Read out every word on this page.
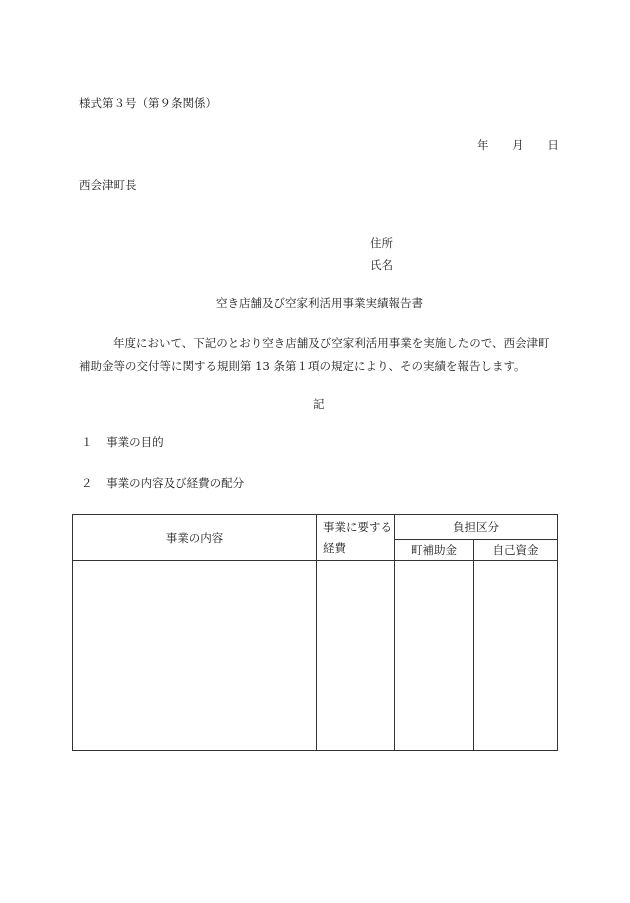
様式第３号（第９条関係）
年 月 日
西会津町長
住所
氏名
空き店舗及び空家利活用事業実績報告書
年度において、下記のとおり空き店舗及び空家利活用事業を実施したので、西会津町
補助金等の交付等に関する規則第 13 条第１項の規定により、その実績を報告します。
記
１ 事業の目的
２ 事業の内容及び経費の配分
事業の内容	事業に要する経費	負担区分	
		町補助金	自己資金
